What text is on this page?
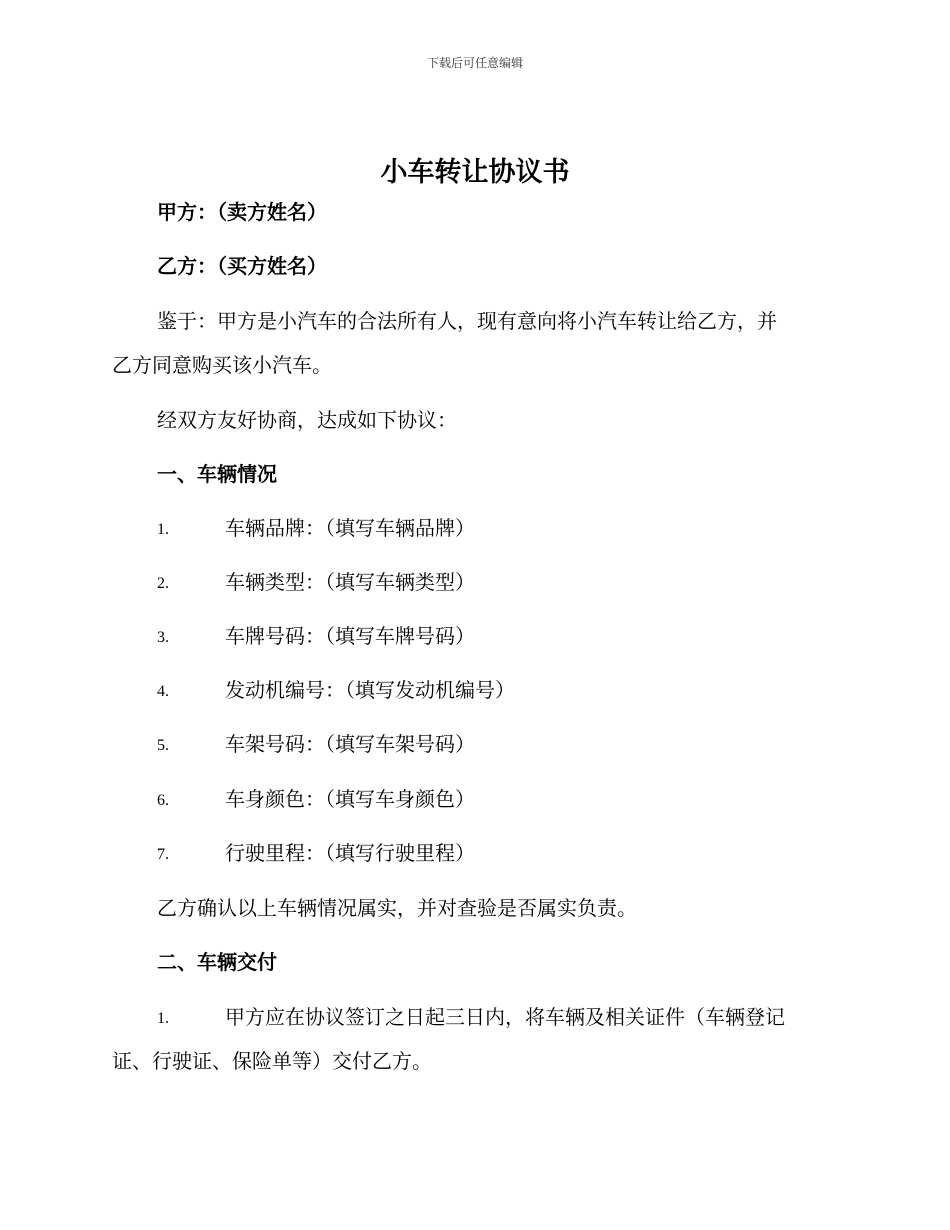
下载后可任意编辑
小车转让协议书
甲方：（卖方姓名）
乙方：（买方姓名）
鉴于：甲方是小汽车的合法所有人，现有意向将小汽车转让给乙方，并
乙方同意购买该小汽车。
经双方友好协商，达成如下协议：
一、车辆情况
1.	车辆品牌：（填写车辆品牌）
2.	车辆类型：（填写车辆类型）
3.	车牌号码：（填写车牌号码）
4.	发动机编号：（填写发动机编号）
5.	车架号码：（填写车架号码）
6.	车身颜色：（填写车身颜色）
7.	行驶里程：（填写行驶里程）
乙方确认以上车辆情况属实，并对查验是否属实负责。
二、车辆交付
1.	甲方应在协议签订之日起三日内，将车辆及相关证件（车辆登记
证、行驶证、保险单等）交付乙方。
